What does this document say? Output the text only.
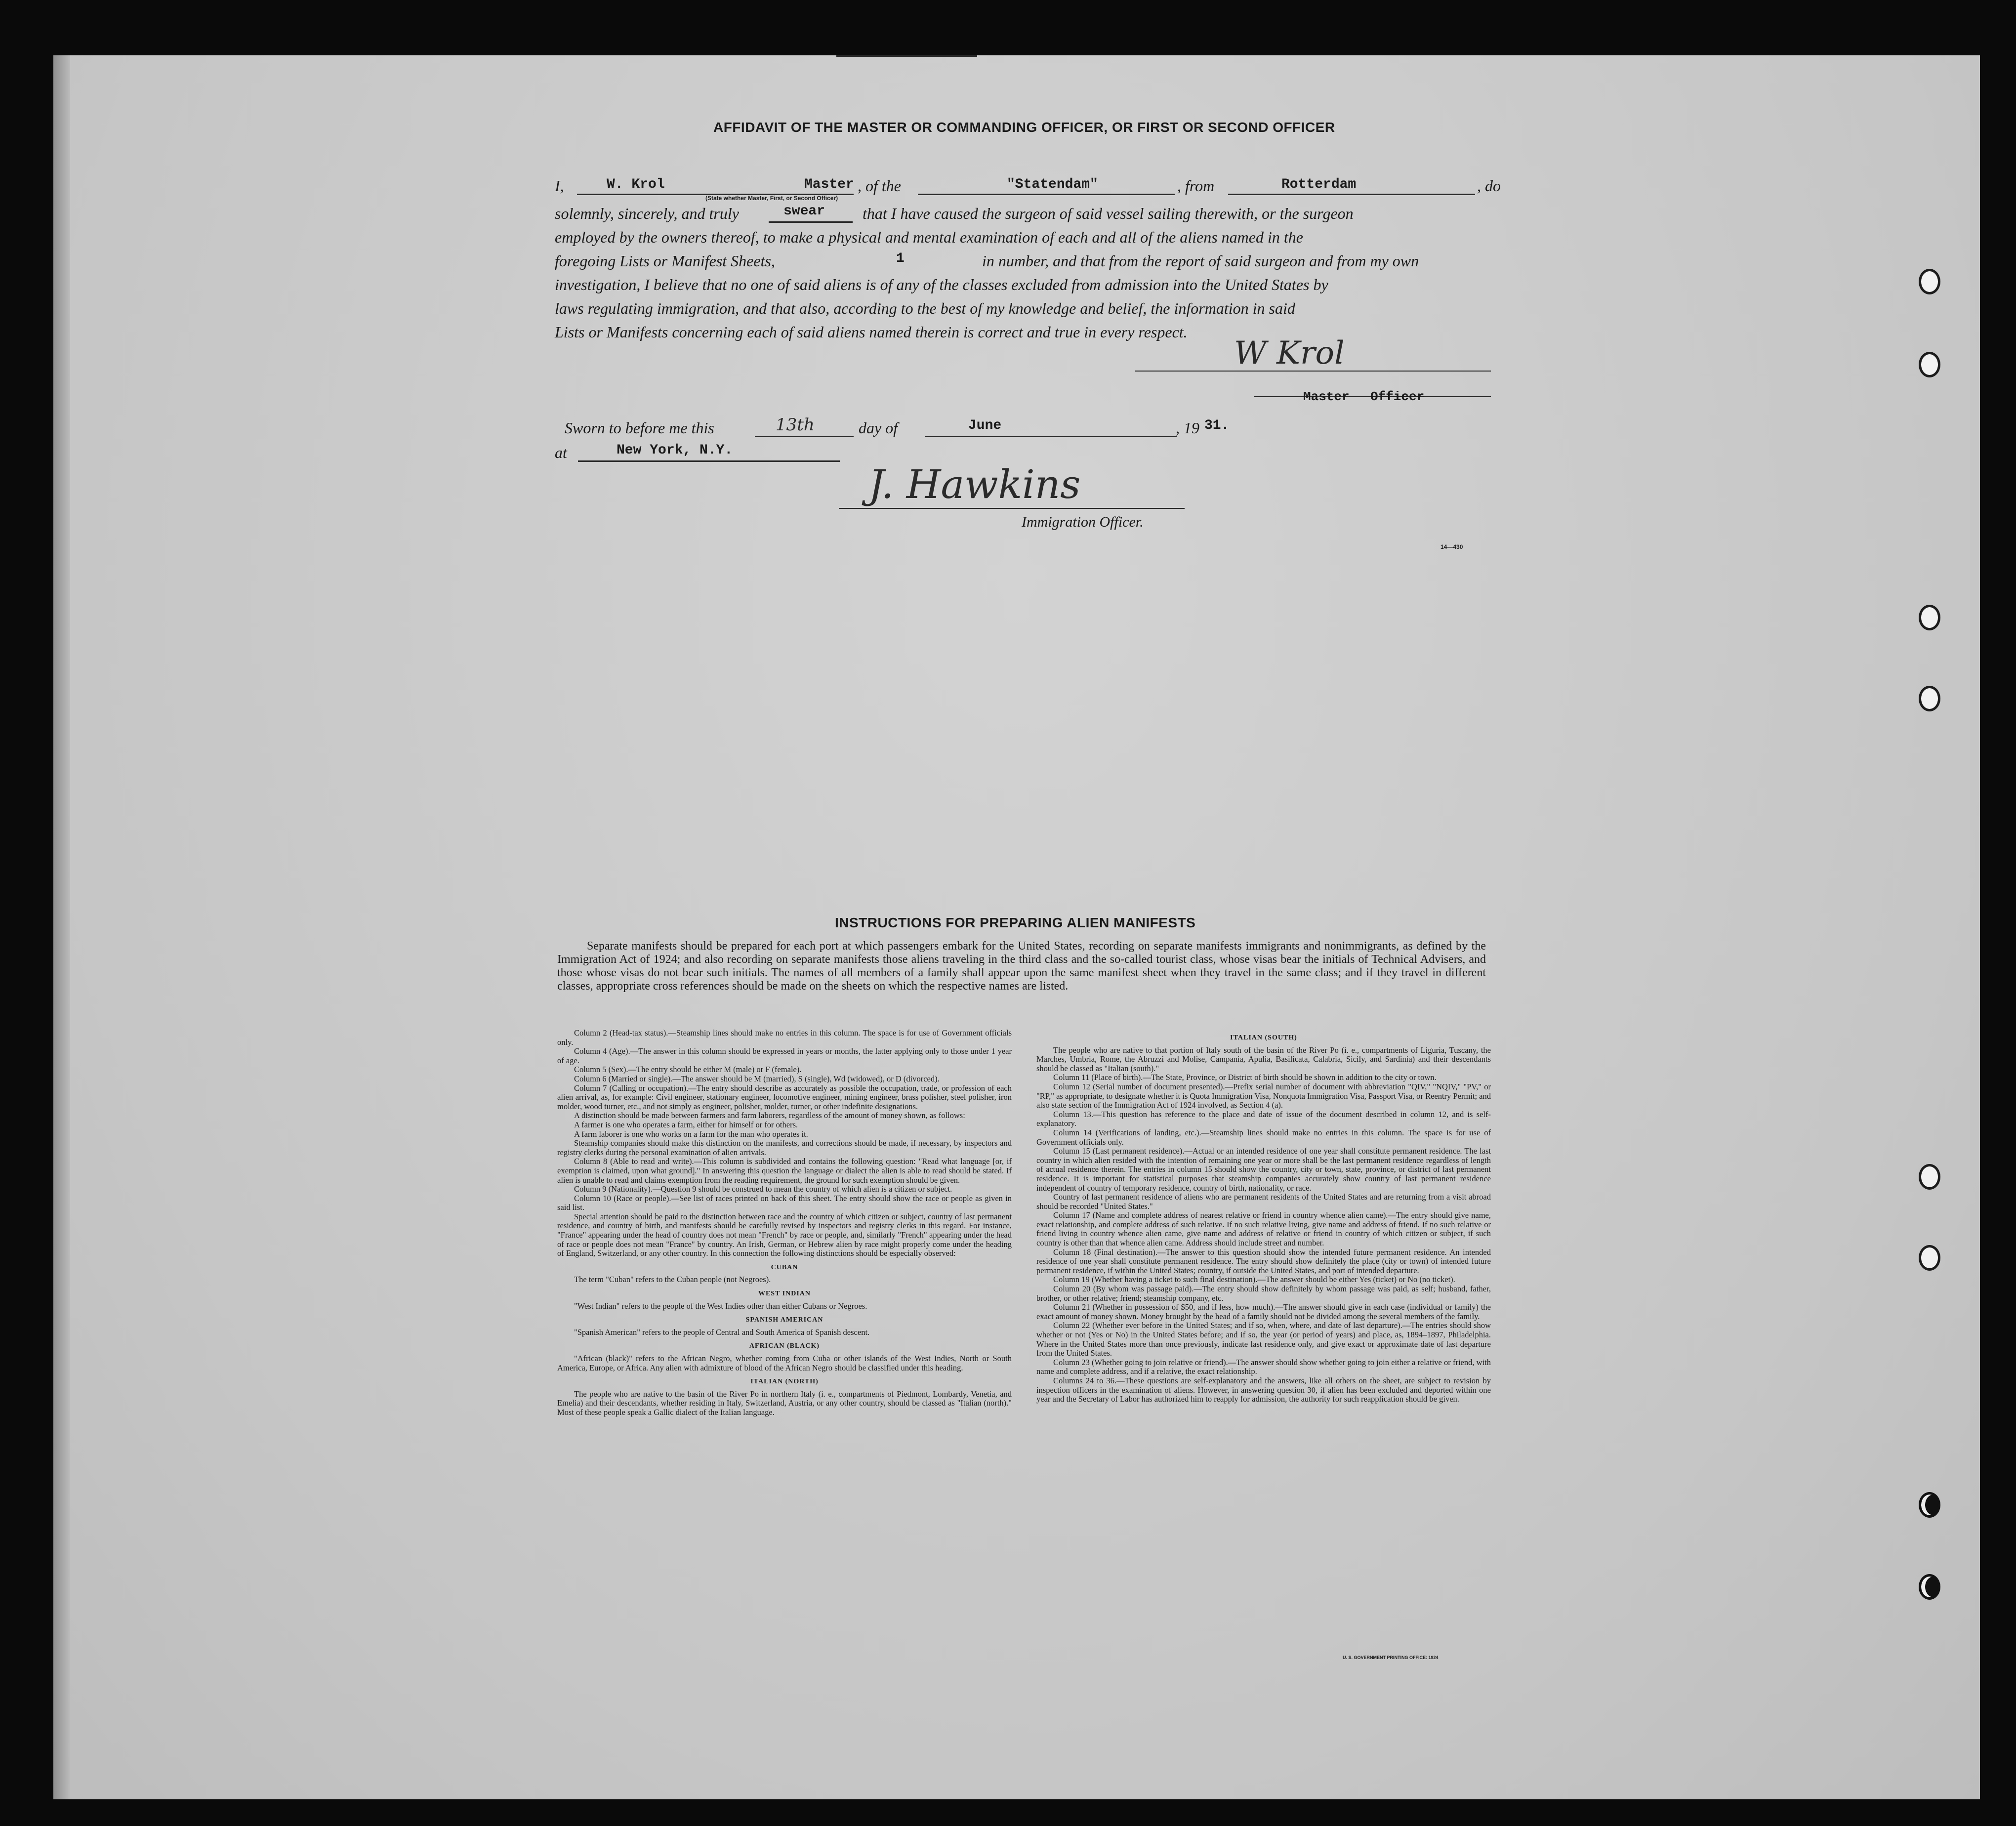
AFFIDAVIT OF THE MASTER OR COMMANDING OFFICER, OR FIRST OR SECOND OFFICER
I,	W. Krol	Master
(State whether Master, First, or Second Officer)
, of the	"Statendam"	, from	Rotterdam	, do
solemnly, sincerely, and truly	swear that I have caused the surgeon of said vessel sailing therewith, or the surgeon
employed by the owners thereof, to make a physical and mental examination of each and all of the aliens named in the
foregoing Lists or Manifest Sheets,	1	in number, and that from the report of said surgeon and from my own
investigation, I believe that no one of said aliens is of any of the classes excluded from admission into the United States by
laws regulating immigration, and that also, according to the best of my knowledge and belief, the information in said
Lists or Manifests concerning each of said aliens named therein is correct and true in every respect.
W Krol
Master Officer
Sworn to before me this	13th	day of	June	, 19 31.
at	New York, N.Y.
J. Hawkins
Immigration Officer.
14—430
INSTRUCTIONS FOR PREPARING ALIEN MANIFESTS
Separate manifests should be prepared for each port at which passengers embark for the United States, recording on separate manifests immigrants and nonimmigrants, as defined by the Immigration Act of 1924; and also recording on separate manifests those aliens traveling in the third class and the so-called tourist class, whose visas bear the initials of Technical Advisers, and those whose visas do not bear such initials. The names of all members of a family shall appear upon the same manifest sheet when they travel in the same class; and if they travel in different classes, appropriate cross references should be made on the sheets on which the respective names are listed.

Column 2 (Head-tax status).—Steamship lines should make no entries in this column. The space is for use of Government officials only.

Column 4 (Age).—The answer in this column should be expressed in years or months, the latter applying only to those under 1 year of age.

Column 5 (Sex).—The entry should be either M (male) or F (female).

Column 6 (Married or single).—The answer should be M (married), S (single), Wd (widowed), or D (divorced).

Column 7 (Calling or occupation).—The entry should describe as accurately as possible the occupation, trade, or profession of each alien arrival, as, for example: Civil engineer, stationary engineer, locomotive engineer, mining engineer, brass polisher, steel polisher, iron molder, wood turner, etc., and not simply as engineer, polisher, molder, turner, or other indefinite designations.

A distinction should be made between farmers and farm laborers, regardless of the amount of money shown, as follows:

A farmer is one who operates a farm, either for himself or for others.

A farm laborer is one who works on a farm for the man who operates it.

Steamship companies should make this distinction on the manifests, and corrections should be made, if necessary, by inspectors and registry clerks during the personal examination of alien arrivals.

Column 8 (Able to read and write).—This column is subdivided and contains the following question: "Read what language [or, if exemption is claimed, upon what ground]." In answering this question the language or dialect the alien is able to read should be stated. If alien is unable to read and claims exemption from the reading requirement, the ground for such exemption should be given.

Column 9 (Nationality).—Question 9 should be construed to mean the country of which alien is a citizen or subject.

Column 10 (Race or people).—See list of races printed on back of this sheet. The entry should show the race or people as given in said list.

Special attention should be paid to the distinction between race and the country of which citizen or subject, country of last permanent residence, and country of birth, and manifests should be carefully revised by inspectors and registry clerks in this regard. For instance, "France" appearing under the head of country does not mean "French" by race or people, and, similarly "French" appearing under the head of race or people does not mean "France" by country. An Irish, German, or Hebrew alien by race might properly come under the heading of England, Switzerland, or any other country. In this connection the following distinctions should be especially observed:

CUBAN

The term "Cuban" refers to the Cuban people (not Negroes).

WEST INDIAN

"West Indian" refers to the people of the West Indies other than either Cubans or Negroes.

SPANISH AMERICAN

"Spanish American" refers to the people of Central and South America of Spanish descent.

AFRICAN (BLACK)

"African (black)" refers to the African Negro, whether coming from Cuba or other islands of the West Indies, North or South America, Europe, or Africa. Any alien with admixture of blood of the African Negro should be classified under this heading.

ITALIAN (NORTH)

The people who are native to the basin of the River Po in northern Italy (i. e., compartments of Piedmont, Lombardy, Venetia, and Emelia) and their descendants, whether residing in Italy, Switzerland, Austria, or any other country, should be classed as "Italian (north)." Most of these people speak a Gallic dialect of the Italian language.

ITALIAN (SOUTH)

The people who are native to that portion of Italy south of the basin of the River Po (i. e., compartments of Liguria, Tuscany, the Marches, Umbria, Rome, the Abruzzi and Molise, Campania, Apulia, Basilicata, Calabria, Sicily, and Sardinia) and their descendants should be classed as "Italian (south)."

Column 11 (Place of birth).—The State, Province, or District of birth should be shown in addition to the city or town.

Column 12 (Serial number of document presented).—Prefix serial number of document with abbreviation "QIV," "NQIV," "PV," or "RP," as appropriate, to designate whether it is Quota Immigration Visa, Nonquota Immigration Visa, Passport Visa, or Reentry Permit; and also state section of the Immigration Act of 1924 involved, as Section 4 (a).

Column 13.—This question has reference to the place and date of issue of the document described in column 12, and is self-explanatory.

Column 14 (Verifications of landing, etc.).—Steamship lines should make no entries in this column. The space is for use of Government officials only.

Column 15 (Last permanent residence).—Actual or an intended residence of one year shall constitute permanent residence. The last country in which alien resided with the intention of remaining one year or more shall be the last permanent residence regardless of length of actual residence therein. The entries in column 15 should show the country, city or town, state, province, or district of last permanent residence. It is important for statistical purposes that steamship companies accurately show country of last permanent residence independent of country of temporary residence, country of birth, nationality, or race.

Country of last permanent residence of aliens who are permanent residents of the United States and are returning from a visit abroad should be recorded "United States."

Column 17 (Name and complete address of nearest relative or friend in country whence alien came).—The entry should give name, exact relationship, and complete address of such relative. If no such relative living, give name and address of friend. If no such relative or friend living in country whence alien came, give name and address of relative or friend in country of which citizen or subject, if such country is other than that whence alien came. Address should include street and number.

Column 18 (Final destination).—The answer to this question should show the intended future permanent residence. An intended residence of one year shall constitute permanent residence. The entry should show definitely the place (city or town) of intended future permanent residence, if within the United States; country, if outside the United States, and port of intended departure.

Column 19 (Whether having a ticket to such final destination).—The answer should be either Yes (ticket) or No (no ticket).

Column 20 (By whom was passage paid).—The entry should show definitely by whom passage was paid, as self; husband, father, brother, or other relative; friend; steamship company, etc.

Column 21 (Whether in possession of $50, and if less, how much).—The answer should give in each case (individual or family) the exact amount of money shown. Money brought by the head of a family should not be divided among the several members of the family.

Column 22 (Whether ever before in the United States; and if so, when, where, and date of last departure).—The entries should show whether or not (Yes or No) in the United States before; and if so, the year (or period of years) and place, as, 1894–1897, Philadelphia. Where in the United States more than once previously, indicate last residence only, and give exact or approximate date of last departure from the United States.

Column 23 (Whether going to join relative or friend).—The answer should show whether going to join either a relative or friend, with name and complete address, and if a relative, the exact relationship.

Columns 24 to 36.—These questions are self-explanatory and the answers, like all others on the sheet, are subject to revision by inspection officers in the examination of aliens. However, in answering question 30, if alien has been excluded and deported within one year and the Secretary of Labor has authorized him to reapply for admission, the authority for such reapplication should be given.

U. S. GOVERNMENT PRINTING OFFICE: 1924
